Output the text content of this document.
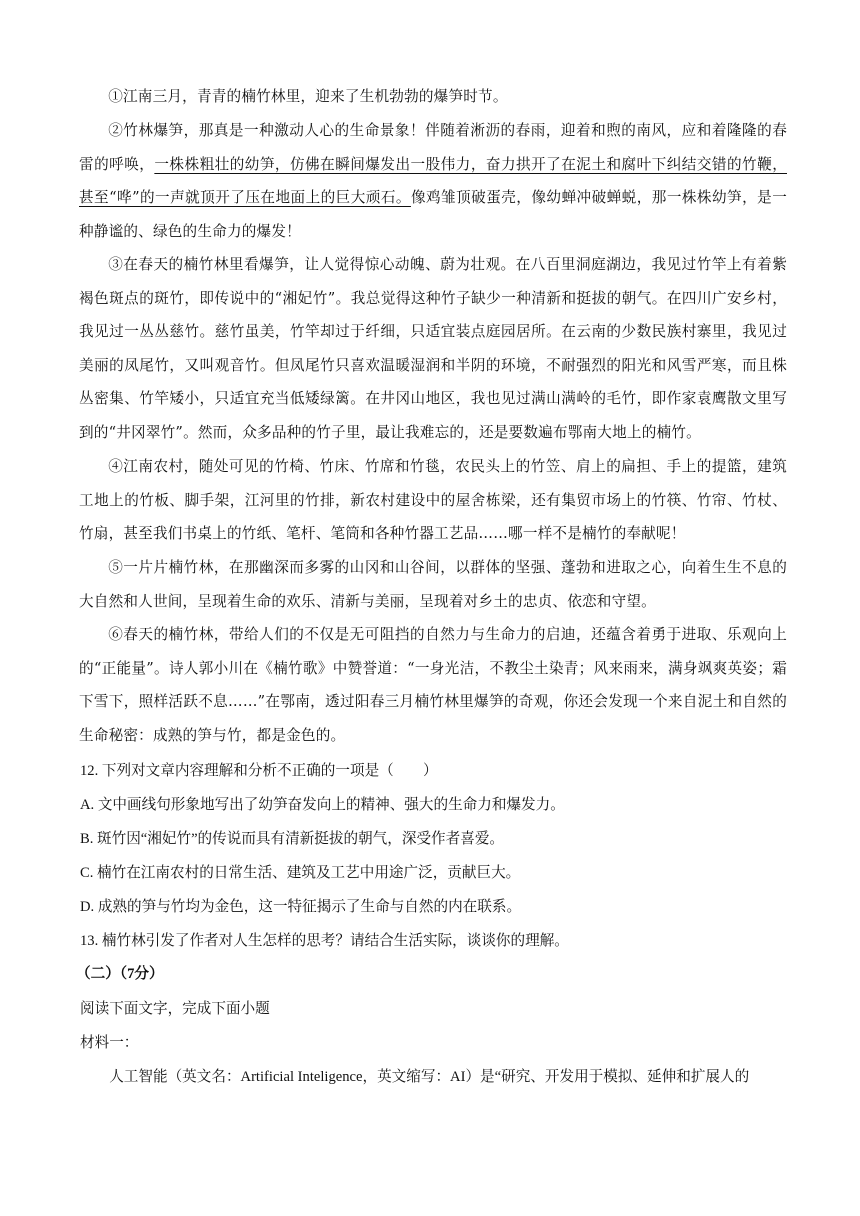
①江南三月，青青的楠竹林里，迎来了生机勃勃的爆笋时节。

②竹林爆笋，那真是一种激动人心的生命景象！伴随着淅沥的春雨，迎着和煦的南风，应和着隆隆的春雷的呼唤，一株株粗壮的幼笋，仿佛在瞬间爆发出一股伟力，奋力拱开了在泥土和腐叶下纠结交错的竹鞭，甚至“哗”的一声就顶开了压在地面上的巨大顽石。像鸡雏顶破蛋壳，像幼蝉冲破蝉蜕，那一株株幼笋，是一种静谧的、绿色的生命力的爆发！

③在春天的楠竹林里看爆笋，让人觉得惊心动魄、蔚为壮观。在八百里洞庭湖边，我见过竹竿上有着紫褐色斑点的斑竹，即传说中的“湘妃竹”。我总觉得这种竹子缺少一种清新和挺拔的朝气。在四川广安乡村，我见过一丛丛慈竹。慈竹虽美，竹竿却过于纤细，只适宜装点庭园居所。在云南的少数民族村寨里，我见过美丽的凤尾竹，又叫观音竹。但凤尾竹只喜欢温暖湿润和半阴的环境，不耐强烈的阳光和风雪严寒，而且株丛密集、竹竿矮小，只适宜充当低矮绿篱。在井冈山地区，我也见过满山满岭的毛竹，即作家袁鹰散文里写到的“井冈翠竹”。然而，众多品种的竹子里，最让我难忘的，还是要数遍布鄂南大地上的楠竹。

④江南农村，随处可见的竹椅、竹床、竹席和竹毯，农民头上的竹笠、肩上的扁担、手上的提篮，建筑工地上的竹板、脚手架，江河里的竹排，新农村建设中的屋舍栋梁，还有集贸市场上的竹筷、竹帘、竹杖、竹扇，甚至我们书桌上的竹纸、笔杆、笔筒和各种竹器工艺品……哪一样不是楠竹的奉献呢！

⑤一片片楠竹林，在那幽深而多雾的山冈和山谷间，以群体的坚强、蓬勃和进取之心，向着生生不息的大自然和人世间，呈现着生命的欢乐、清新与美丽，呈现着对乡土的忠贞、依恋和守望。

⑥春天的楠竹林，带给人们的不仅是无可阻挡的自然力与生命力的启迪，还蕴含着勇于进取、乐观向上的“正能量”。诗人郭小川在《楠竹歌》中赞誉道：“一身光洁，不教尘土染青；风来雨来，满身飒爽英姿；霜下雪下，照样活跃不息……”在鄂南，透过阳春三月楠竹林里爆笋的奇观，你还会发现一个来自泥土和自然的生命秘密：成熟的笋与竹，都是金色的。

12. 下列对文章内容理解和分析不正确的一项是（　　）

A. 文中画线句形象地写出了幼笋奋发向上的精神、强大的生命力和爆发力。

B. 斑竹因“湘妃竹”的传说而具有清新挺拔的朝气，深受作者喜爱。

C. 楠竹在江南农村的日常生活、建筑及工艺中用途广泛，贡献巨大。

D. 成熟的笋与竹均为金色，这一特征揭示了生命与自然的内在联系。

13. 楠竹林引发了作者对人生怎样的思考？请结合生活实际，谈谈你的理解。

（二）（7分）

阅读下面文字，完成下面小题

材料一：

人工智能（英文名：Artificial Inteligence，英文缩写：AI）是“研究、开发用于模拟、延伸和扩展人的
